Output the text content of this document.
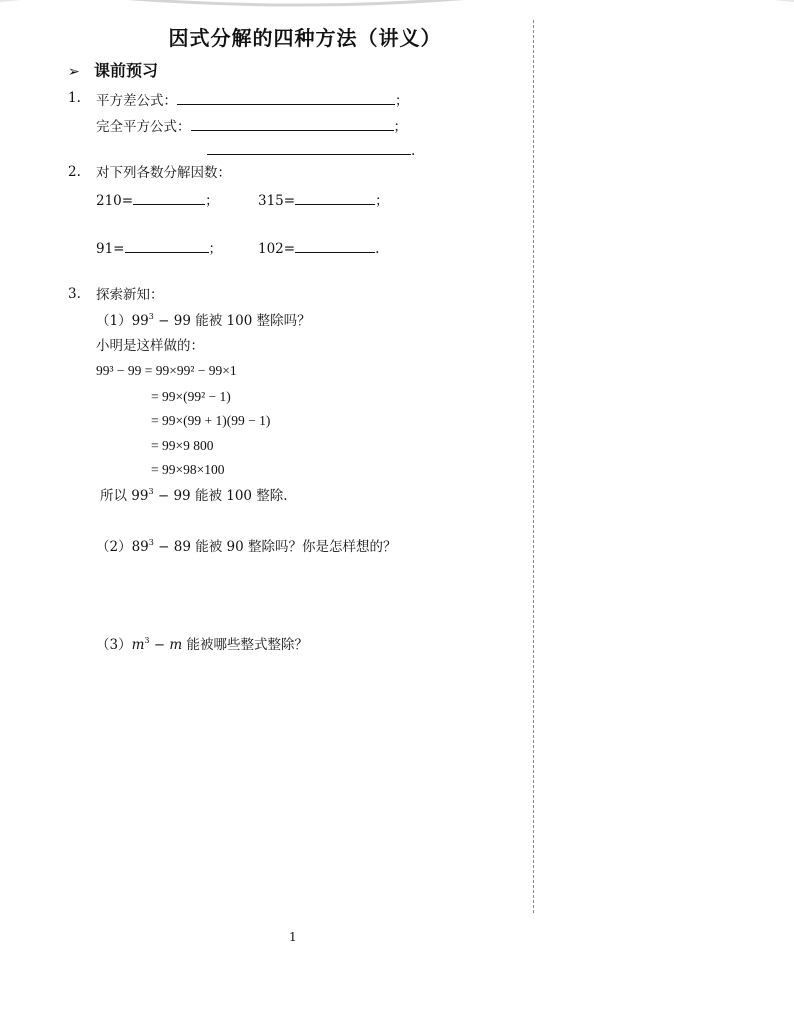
因式分解的四种方法（讲义）
➢ 课前预习
1. 平方差公式：	；
完全平方公式：	；
.
2. 对下列各数分解因数：
210=	；	315=	；
91=	；	102=	.
3. 探索新知：
$(1)99^3 - 99$ 能被 100 整除吗？
小明是这样做的：
99³ − 99 = 99×99² − 99×1
= 99×(99² − 1)
= 99×(99 + 1)(99 − 1)
= 99×9 800
= 99×98×100
所以 $99^3 - 99$ 能被 100 整除.
$(2)89^3 - 89$ 能被 90 整除吗？你是怎样想的？
$(3)m^3 - m$ 能被哪些整式整除？
1
